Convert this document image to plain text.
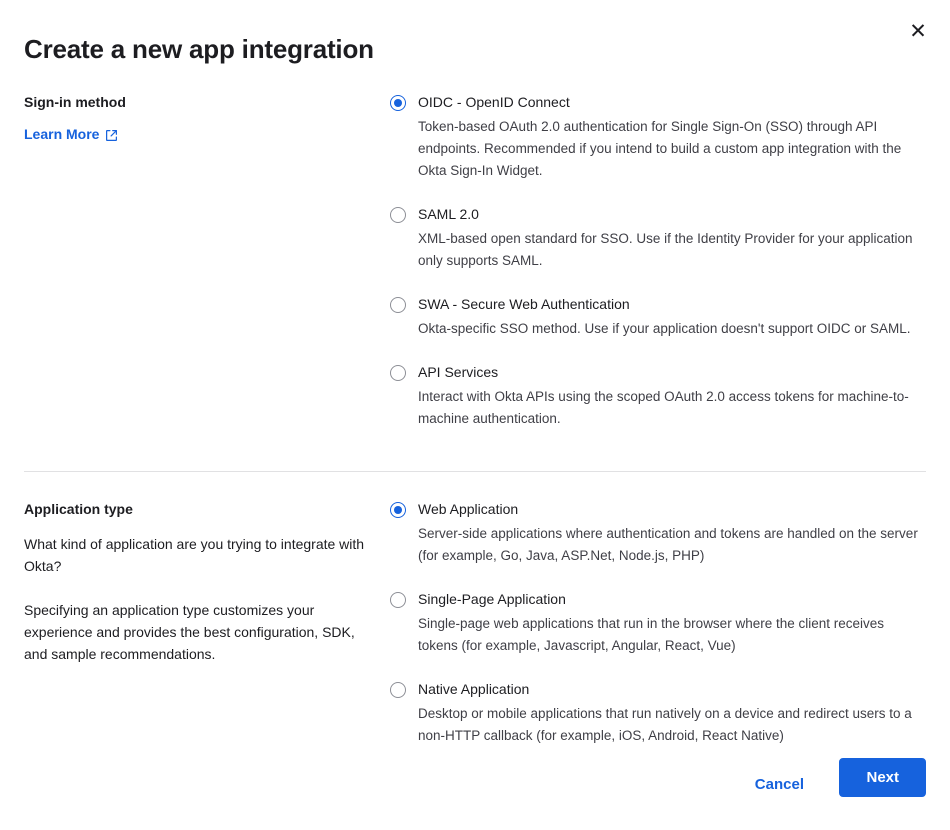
✕
Create a new app integration

Sign-in method

Learn More
OIDC - OpenID Connect
Token-based OAuth 2.0 authentication for Single Sign-On (SSO) through API endpoints. Recommended if you intend to build a custom app integration with the Okta Sign-In Widget.
SAML 2.0
XML-based open standard for SSO. Use if the Identity Provider for your application only supports SAML.
SWA - Secure Web Authentication
Okta-specific SSO method. Use if your application doesn't support OIDC or SAML.
API Services
Interact with Okta APIs using the scoped OAuth 2.0 access tokens for machine-to-machine authentication.

Application type

What kind of application are you trying to integrate with Okta?

Specifying an application type customizes your experience and provides the best configuration, SDK, and sample recommendations.

Web Application
Server-side applications where authentication and tokens are handled on the server (for example, Go, Java, ASP.Net, Node.js, PHP)
Single-Page Application
Single-page web applications that run in the browser where the client receives tokens (for example, Javascript, Angular, React, Vue)
Native Application
Desktop or mobile applications that run natively on a device and redirect users to a non-HTTP callback (for example, iOS, Android, React Native)
Cancel	Next
